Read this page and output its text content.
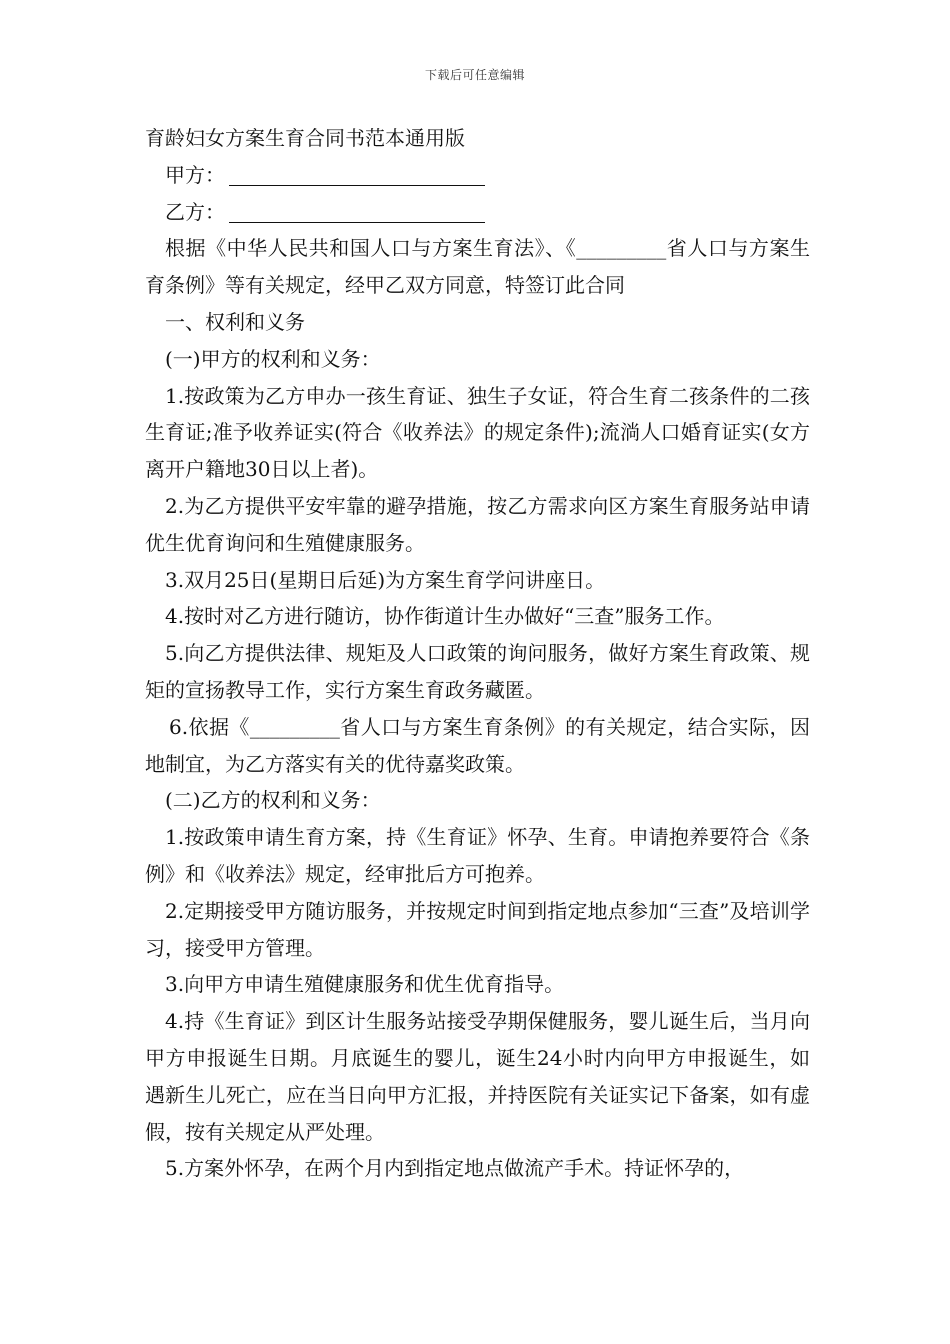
下载后可任意编辑

育龄妇女方案生育合同书范本通用版

甲方：

乙方：

根据《中华人民共和国人口与方案生育法》、《_________省人口与方案生育条例》等有关规定，经甲乙双方同意，特签订此合同

一、权利和义务

(一)甲方的权利和义务：

1.按政策为乙方申办一孩生育证、独生子女证，符合生育二孩条件的二孩生育证;准予收养证实(符合《收养法》的规定条件);流淌人口婚育证实(女方离开户籍地30日以上者)。

2.为乙方提供平安牢靠的避孕措施，按乙方需求向区方案生育服务站申请优生优育询问和生殖健康服务。

3.双月25日(星期日后延)为方案生育学问讲座日。

4.按时对乙方进行随访，协作街道计生办做好“三查”服务工作。

5.向乙方提供法律、规矩及人口政策的询问服务，做好方案生育政策、规矩的宣扬教导工作，实行方案生育政务藏匿。

6.依据《_________省人口与方案生育条例》的有关规定，结合实际，因地制宜，为乙方落实有关的优待嘉奖政策。

(二)乙方的权利和义务：

1.按政策申请生育方案，持《生育证》怀孕、生育。申请抱养要符合《条例》和《收养法》规定，经审批后方可抱养。

2.定期接受甲方随访服务，并按规定时间到指定地点参加“三查”及培训学习，接受甲方管理。

3.向甲方申请生殖健康服务和优生优育指导。

4.持《生育证》到区计生服务站接受孕期保健服务，婴儿诞生后，当月向甲方申报诞生日期。月底诞生的婴儿，诞生24小时内向甲方申报诞生，如遇新生儿死亡，应在当日向甲方汇报，并持医院有关证实记下备案，如有虚假，按有关规定从严处理。

5.方案外怀孕，在两个月内到指定地点做流产手术。持证怀孕的，
